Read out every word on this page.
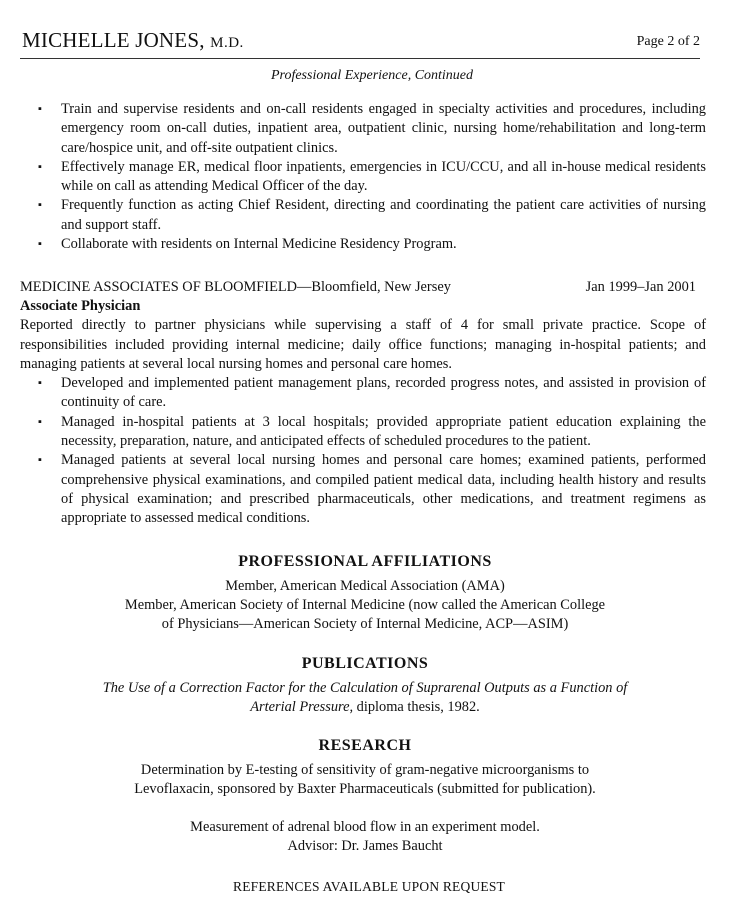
MICHELLE JONES, M.D.	Page 2 of 2
Professional Experience, Continued
▪ Train and supervise residents and on-call residents engaged in specialty activities and procedures, including emergency room on-call duties, inpatient area, outpatient clinic, nursing home/rehabilitation and long-term care/hospice unit, and off-site outpatient clinics.
▪ Effectively manage ER, medical floor inpatients, emergencies in ICU/CCU, and all in-house medical residents while on call as attending Medical Officer of the day.
▪ Frequently function as acting Chief Resident, directing and coordinating the patient care activities of nursing and support staff.
▪ Collaborate with residents on Internal Medicine Residency Program.
MEDICINE ASSOCIATES OF BLOOMFIELD—Bloomfield, New Jersey	Jan 1999–Jan 2001
Associate Physician
Reported directly to partner physicians while supervising a staff of 4 for small private practice. Scope of responsibilities included providing internal medicine; daily office functions; managing in-hospital patients; and managing patients at several local nursing homes and personal care homes.
▪ Developed and implemented patient management plans, recorded progress notes, and assisted in provision of continuity of care.
▪ Managed in-hospital patients at 3 local hospitals; provided appropriate patient education explaining the necessity, preparation, nature, and anticipated effects of scheduled procedures to the patient.
▪ Managed patients at several local nursing homes and personal care homes; examined patients, performed comprehensive physical examinations, and compiled patient medical data, including health history and results of physical examination; and prescribed pharmaceuticals, other medications, and treatment regimens as appropriate to assessed medical conditions.
PROFESSIONAL AFFILIATIONS

Member, American Medical Association (AMA)

Member, American Society of Internal Medicine (now called the American College

of Physicians—American Society of Internal Medicine, ACP—ASIM)

PUBLICATIONS

The Use of a Correction Factor for the Calculation of Suprarenal Outputs as a Function of

Arterial Pressure, diploma thesis, 1982.

RESEARCH

Determination by E-testing of sensitivity of gram-negative microorganisms to

Levoflaxacin, sponsored by Baxter Pharmaceuticals (submitted for publication).

Measurement of adrenal blood flow in an experiment model.

Advisor: Dr. James Baucht

REFERENCES AVAILABLE UPON REQUEST
